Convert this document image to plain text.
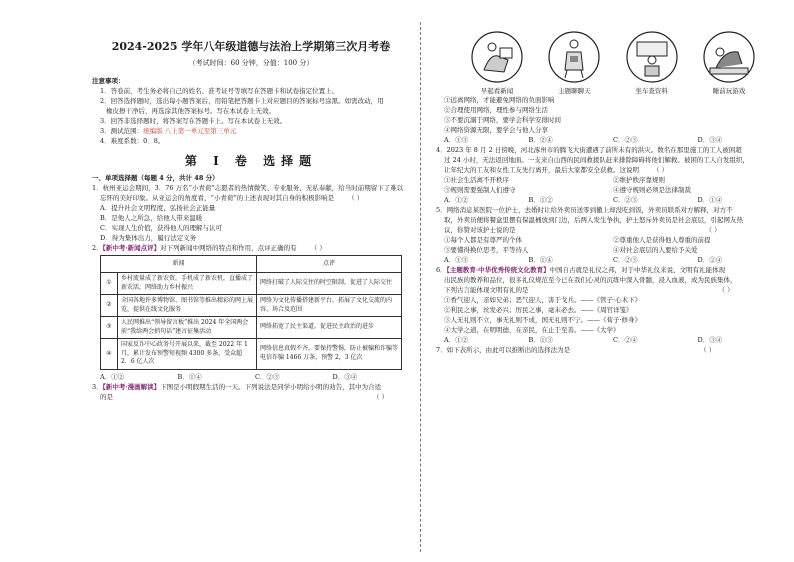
2024-2025 学年八年级道德与法治上学期第三次月考卷

（考试时间：60 分钟，分值：100 分）

注意事项：

1．答卷前，考生务必将自己的姓名、准考证号等填写在答题卡和试卷指定位置上。

2．回答选择题时，选出每小题答案后，用铅笔把答题卡上对应题目的答案标号涂黑。如需改动，用

橡皮擦干净后，再选涂其他答案标号。写在本试卷上无效。

3．回答非选择题时，将答案写在答题卡上。写在本试卷上无效。

3．测试范围：统编版 八上第一单元至第三单元

4．难度系数：0．8。

第 Ⅰ 卷 选择题

一、单项选择题（每题 4 分，共计 48 分）

1．杭州亚运会期间，3．76 万名“小青荷”志愿者的热情微笑、专业服务、无私奉献，给当时前期留下了难以

忘怀的美好印象。从亚运会的角度看，“小青荷”的上述表现对其自身的积极影响是 （ ）

A．提升社会文明程度，弘扬社会正能量

B．是他人之所急，给他人带来温暖

C．实现人生价值，获得他人的理解与认可

D．得为集体出力，履行法定义务

2．【新中考·新闻点评】对下列新闻中网络的特点和作用，点评正确的有 （ ）

新闻		点评
①	乡村流量成了新农资，手机成了新农机，直播成了新农活，网络助力乡村振兴	网络打破了人际交往的时空限制，促进了人际交往
②	全国各地许多博物馆、图书馆等推出精彩的网上展览，提供在线文化服务	网络为文化传播搭建新平台，拓展了文化交流的内容、场合及范围
③	人民网推出“领导留言板”推出 2024 年全国两会前“我给两会捎句话”建言征集活动	网络拓宽了民主渠道，促进民主政治的进步
④	国家反诈中心政务号开展以来，截至 2022 年 1 月，累计发布预警短视频 4300 多条，受众超 2．6 亿人次	网络信息真假不齐，要保持警惕，防止被骗和诈骗等电信诈骗 1466 万条，预警 2，3 亿次

A．①②	B．①④	C．②③	D．③④

3．【新中考·漫画解读】下图是小明假期生活的一天。下列说法是同学小明给小明的劝告，其中为合适

的是	（ ）

早起看新闻	主题聊聊天	坐车查资料	睡前玩游戏

①远离网络，才能避免网络的负面影响

②合理使用网络，理性参与网络生活

③不要沉溺于网络，要学会科学安排时间

④网络资源无限，要学会与他人分享

A．①③	B．②④	C．②③	D．③④

4．2023 年 8 月 2 日傍晚，河北涿州市的腾飞大街遭遇了前所未有的洪灾。数名在那里施工的工人被困超

过 24 小时，无法返回地面。一支来自山西的民间救援队赶来排除障碍将他们解救。被困的工人自发组织，

让年纪大的工友和女性工友先行离开，最后大家都安全获救。这说明 （ ）

①社会生活离不开秩序	②维护秩序靠规则

③规则需要强制人们遵守	④遵守规则必须是法律制裁

A．①②	B．①②	C．②③	D．①④

5．网络消息某医院一位护士，去婚时让给外卖员送零到撤上却没吃到饭，外卖员联系对方解释，对方不

取，外卖员便将餐盒里摆有保温桶放到门边，后两人发生争执，护士怒斥外卖员是社会底层，引起网友热

议，你赞对该护士说的是	（ ）

①每个人都是有尊严的个体	②尊重他人是获得他人尊重的前提

③要懂得换位思考，平等待人	④对社会底层的人要给予关爱

A．①③	B．①④	C．②③	D．②④

6．【主题教育·中华优秀传统文化教育】中国自古就是礼仪之邦，对于中华礼仪来说，文明有礼能体现

出民族的教养和品位，很多礼仪规范至今已在我们心灵的沉练中深入骨髓，浸入血液，成为民族集体，

下列古言能体现文明有礼的是	（ ）

①香气迎人，亲如兄弟；恶气迎人，害于戈兵。——《管子·心术下》

②利民之事，丝发必兴；厉民之事，毫末必去。——《周官详笺》

③人无礼则不立，事无礼则不成，国无礼则不宁。——《荀子·修身》

④大学之道，在明明德，在亲民，在止于至善。——《大学》

A．①②	B．①③	C．②④	D．③④

7．如下表所示，由此可以推断出的选择法为是	（ ）
